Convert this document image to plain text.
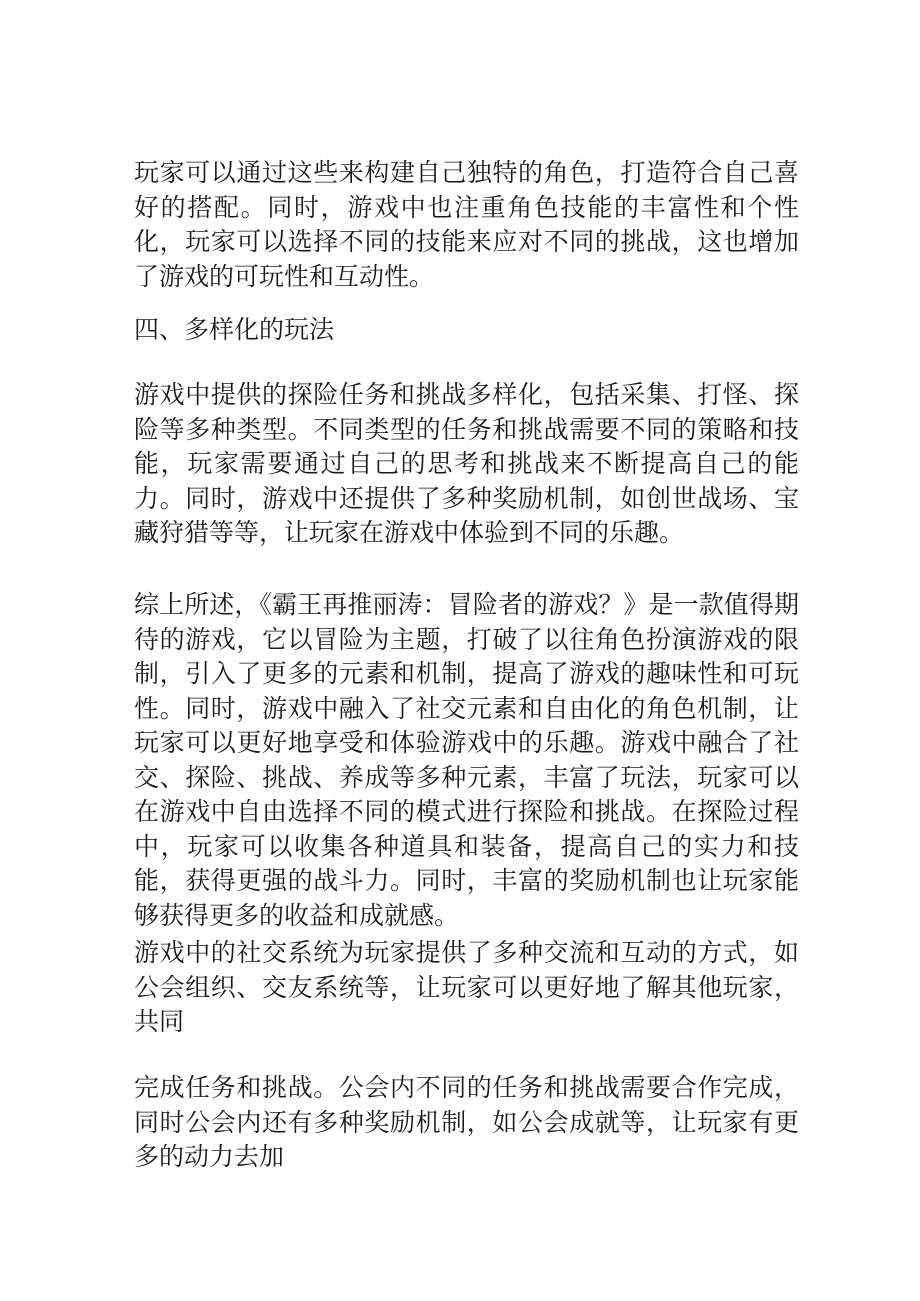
玩家可以通过这些来构建自己独特的角色，打造符合自己喜好的搭配。同时，游戏中也注重角色技能的丰富性和个性化，玩家可以选择不同的技能来应对不同的挑战，这也增加了游戏的可玩性和互动性。

四、多样化的玩法

游戏中提供的探险任务和挑战多样化，包括采集、打怪、探险等多种类型。不同类型的任务和挑战需要不同的策略和技能，玩家需要通过自己的思考和挑战来不断提高自己的能力。同时，游戏中还提供了多种奖励机制，如创世战场、宝藏狩猎等等，让玩家在游戏中体验到不同的乐趣。

综上所述，《霸王再推丽涛：冒险者的游戏？》是一款值得期待的游戏，它以冒险为主题，打破了以往角色扮演游戏的限制，引入了更多的元素和机制，提高了游戏的趣味性和可玩性。同时，游戏中融入了社交元素和自由化的角色机制，让玩家可以更好地享受和体验游戏中的乐趣。游戏中融合了社交、探险、挑战、养成等多种元素，丰富了玩法，玩家可以在游戏中自由选择不同的模式进行探险和挑战。在探险过程中，玩家可以收集各种道具和装备，提高自己的实力和技能，获得更强的战斗力。同时，丰富的奖励机制也让玩家能够获得更多的收益和成就感。

游戏中的社交系统为玩家提供了多种交流和互动的方式，如公会组织、交友系统等，让玩家可以更好地了解其他玩家，共同

完成任务和挑战。公会内不同的任务和挑战需要合作完成，同时公会内还有多种奖励机制，如公会成就等，让玩家有更多的动力去加
